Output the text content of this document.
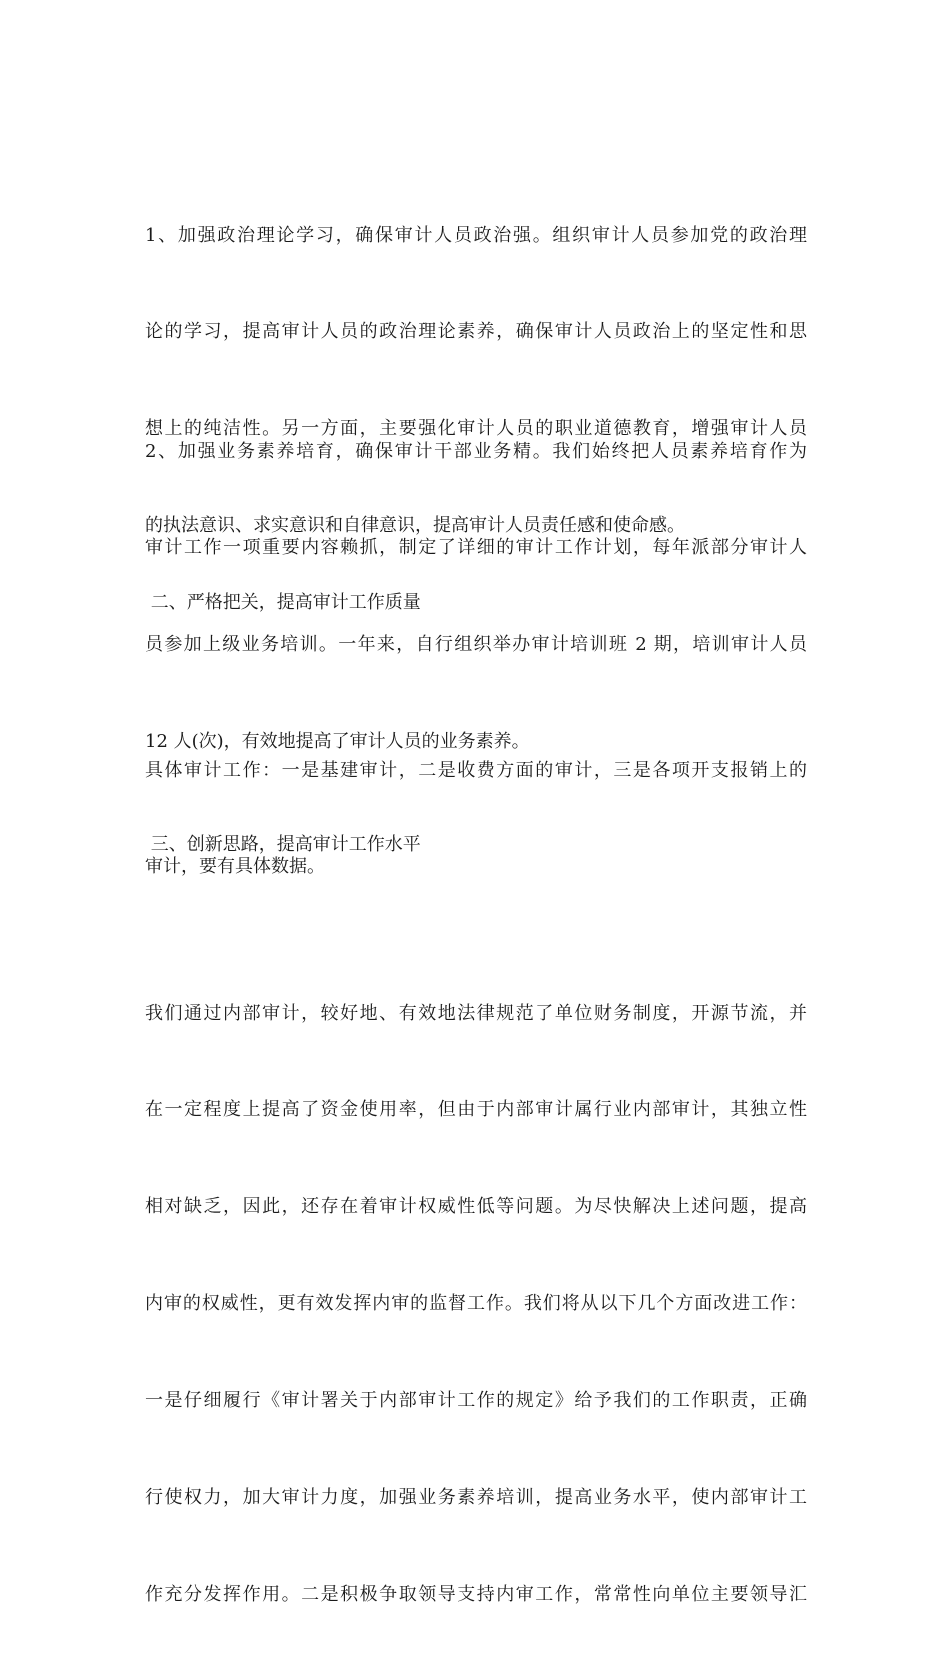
1、加强政治理论学习，确保审计人员政治强。组织审计人员参加党的政治理

论的学习，提高审计人员的政治理论素养，确保审计人员政治上的坚定性和思

想上的纯洁性。另一方面，主要强化审计人员的职业道德教育，增强审计人员

的执法意识、求实意识和自律意识，提高审计人员责任感和使命感。

2、加强业务素养培育，确保审计干部业务精。我们始终把人员素养培育作为

审计工作一项重要内容赖抓，制定了详细的审计工作计划，每年派部分审计人

员参加上级业务培训。一年来，自行组织举办审计培训班 2 期，培训审计人员

12 人(次)，有效地提高了审计人员的业务素养。

二、严格把关，提高审计工作质量

具体审计工作：一是基建审计，二是收费方面的审计，三是各项开支报销上的

审计，要有具体数据。

三、创新思路，提高审计工作水平

我们通过内部审计，较好地、有效地法律规范了单位财务制度，开源节流，并

在一定程度上提高了资金使用率，但由于内部审计属行业内部审计，其独立性

相对缺乏，因此，还存在着审计权威性低等问题。为尽快解决上述问题，提高

内审的权威性，更有效发挥内审的监督工作。我们将从以下几个方面改进工作：

一是仔细履行《审计署关于内部审计工作的规定》给予我们的工作职责，正确

行使权力，加大审计力度，加强业务素养培训，提高业务水平，使内部审计工

作充分发挥作用。二是积极争取领导支持内审工作，常常性向单位主要领导汇
